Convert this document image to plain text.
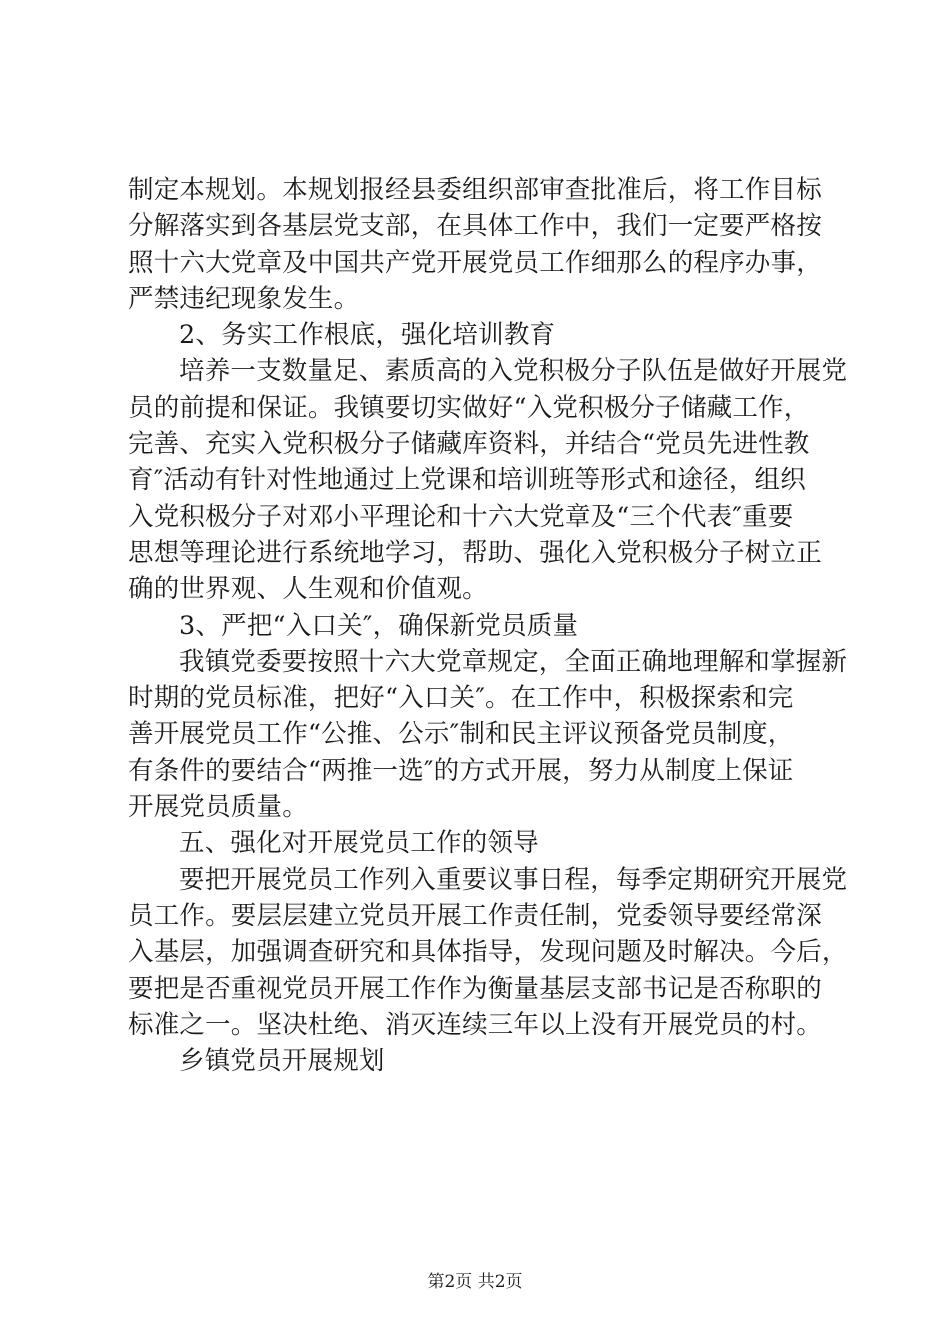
制定本规划。本规划报经县委组织部审查批准后，将工作目标
分解落实到各基层党支部，在具体工作中，我们一定要严格按
照十六大党章及中国共产党开展党员工作细那么的程序办事，
严禁违纪现象发生。
2、务实工作根底，强化培训教育
培养一支数量足、素质高的入党积极分子队伍是做好开展党
员的前提和保证。我镇要切实做好“入党积极分子储藏工作，
完善、充实入党积极分子储藏库资料，并结合“党员先进性教
育″活动有针对性地通过上党课和培训班等形式和途径，组织
入党积极分子对邓小平理论和十六大党章及“三个代表″重要
思想等理论进行系统地学习，帮助、强化入党积极分子树立正
确的世界观、人生观和价值观。
3、严把“入口关″，确保新党员质量
我镇党委要按照十六大党章规定，全面正确地理解和掌握新
时期的党员标准，把好“入口关″。在工作中，积极探索和完
善开展党员工作“公推、公示″制和民主评议预备党员制度，
有条件的要结合“两推一选″的方式开展，努力从制度上保证
开展党员质量。
五、强化对开展党员工作的领导
要把开展党员工作列入重要议事日程，每季定期研究开展党
员工作。要层层建立党员开展工作责任制，党委领导要经常深
入基层，加强调查研究和具体指导，发现问题及时解决。今后，
要把是否重视党员开展工作作为衡量基层支部书记是否称职的
标准之一。坚决杜绝、消灭连续三年以上没有开展党员的村。
乡镇党员开展规划
第2页 共2页
